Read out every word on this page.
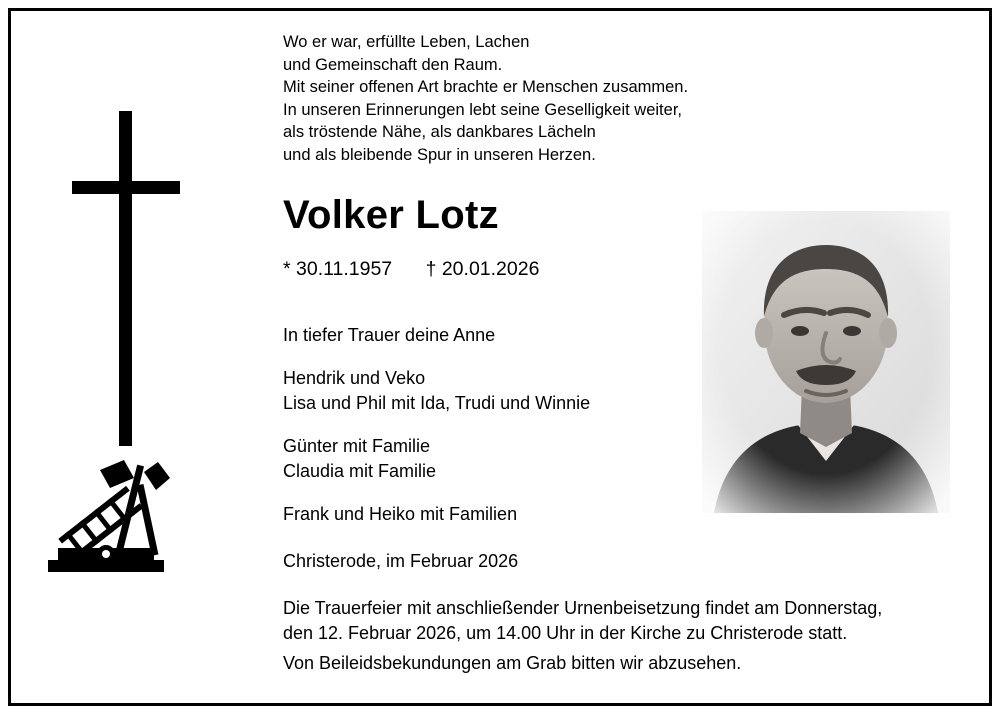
Wo er war, erfüllte Leben, Lachen
und Gemeinschaft den Raum.
Mit seiner offenen Art brachte er Menschen zusammen.
In unseren Erinnerungen lebt seine Geselligkeit weiter,
als tröstende Nähe, als dankbares Lächeln
und als bleibende Spur in unseren Herzen.
Volker Lotz
* 30.11.1957 † 20.01.2026
In tiefer Trauer deine Anne
Hendrik und Veko
Lisa und Phil mit Ida, Trudi und Winnie
Günter mit Familie
Claudia mit Familie
Frank und Heiko mit Familien
Christerode, im Februar 2026
Die Trauerfeier mit anschließender Urnenbeisetzung findet am Donnerstag,
den 12. Februar 2026, um 14.00 Uhr in der Kirche zu Christerode statt.
Von Beileidsbekundungen am Grab bitten wir abzusehen.
